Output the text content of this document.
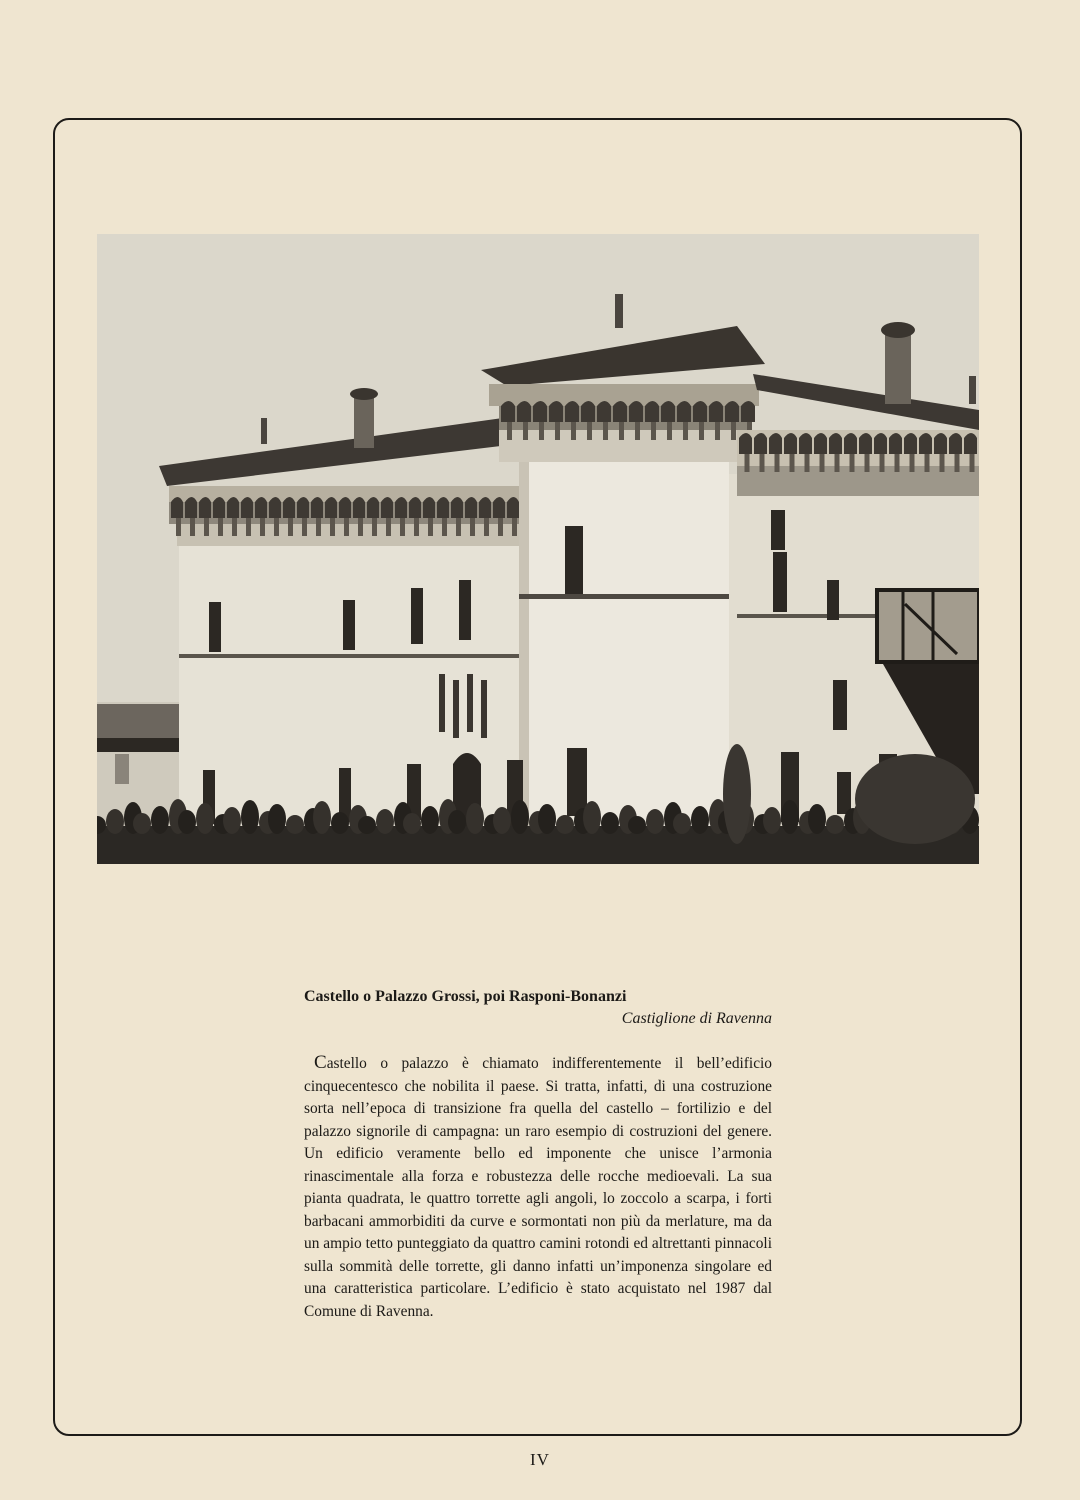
Castello o Palazzo Grossi, poi Rasponi-Bonanzi

Castiglione di Ravenna

Castello o palazzo è chiamato indifferentemente il bell’edificio cinquecentesco che nobilita il paese. Si tratta, infatti, di una costruzione sorta nell’epoca di transizione fra quella del castello – fortilizio e del palazzo signorile di campagna: un raro esempio di costruzioni del genere. Un edificio veramente bello ed imponente che unisce l’armonia rinascimentale alla forza e robustezza delle rocche medioevali. La sua pianta quadrata, le quattro torrette agli angoli, lo zoccolo a scarpa, i forti barbacani ammorbiditi da curve e sormontati non più da merlature, ma da un ampio tetto punteggiato da quattro camini rotondi ed altrettanti pinnacoli sulla sommità delle torrette, gli danno infatti un’imponenza singolare ed una caratteristica particolare. L’edificio è stato acquistato nel 1987 dal Comune di Ravenna.
IV
